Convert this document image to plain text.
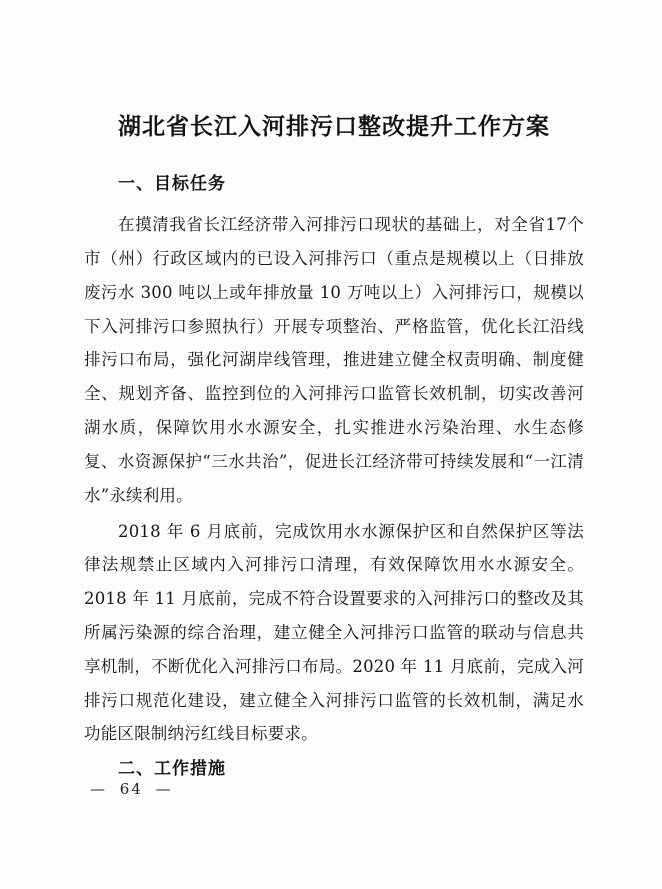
湖北省长江入河排污口整改提升工作方案
一、目标任务

在摸清我省长江经济带入河排污口现状的基础上，对全省17个市（州）行政区域内的已设入河排污口（重点是规模以上（日排放废污水 300 吨以上或年排放量 10 万吨以上）入河排污口，规模以下入河排污口参照执行）开展专项整治、严格监管，优化长江沿线排污口布局，强化河湖岸线管理，推进建立健全权责明确、制度健全、规划齐备、监控到位的入河排污口监管长效机制，切实改善河湖水质，保障饮用水水源安全，扎实推进水污染治理、水生态修复、水资源保护“三水共治”，促进长江经济带可持续发展和“一江清水”永续利用。

2018 年 6 月底前，完成饮用水水源保护区和自然保护区等法律法规禁止区域内入河排污口清理，有效保障饮用水水源安全。2018 年 11 月底前，完成不符合设置要求的入河排污口的整改及其所属污染源的综合治理，建立健全入河排污口监管的联动与信息共享机制，不断优化入河排污口布局。2020 年 11 月底前，完成入河排污口规范化建设，建立健全入河排污口监管的长效机制，满足水功能区限制纳污红线目标要求。

二、工作措施
— 64 —
